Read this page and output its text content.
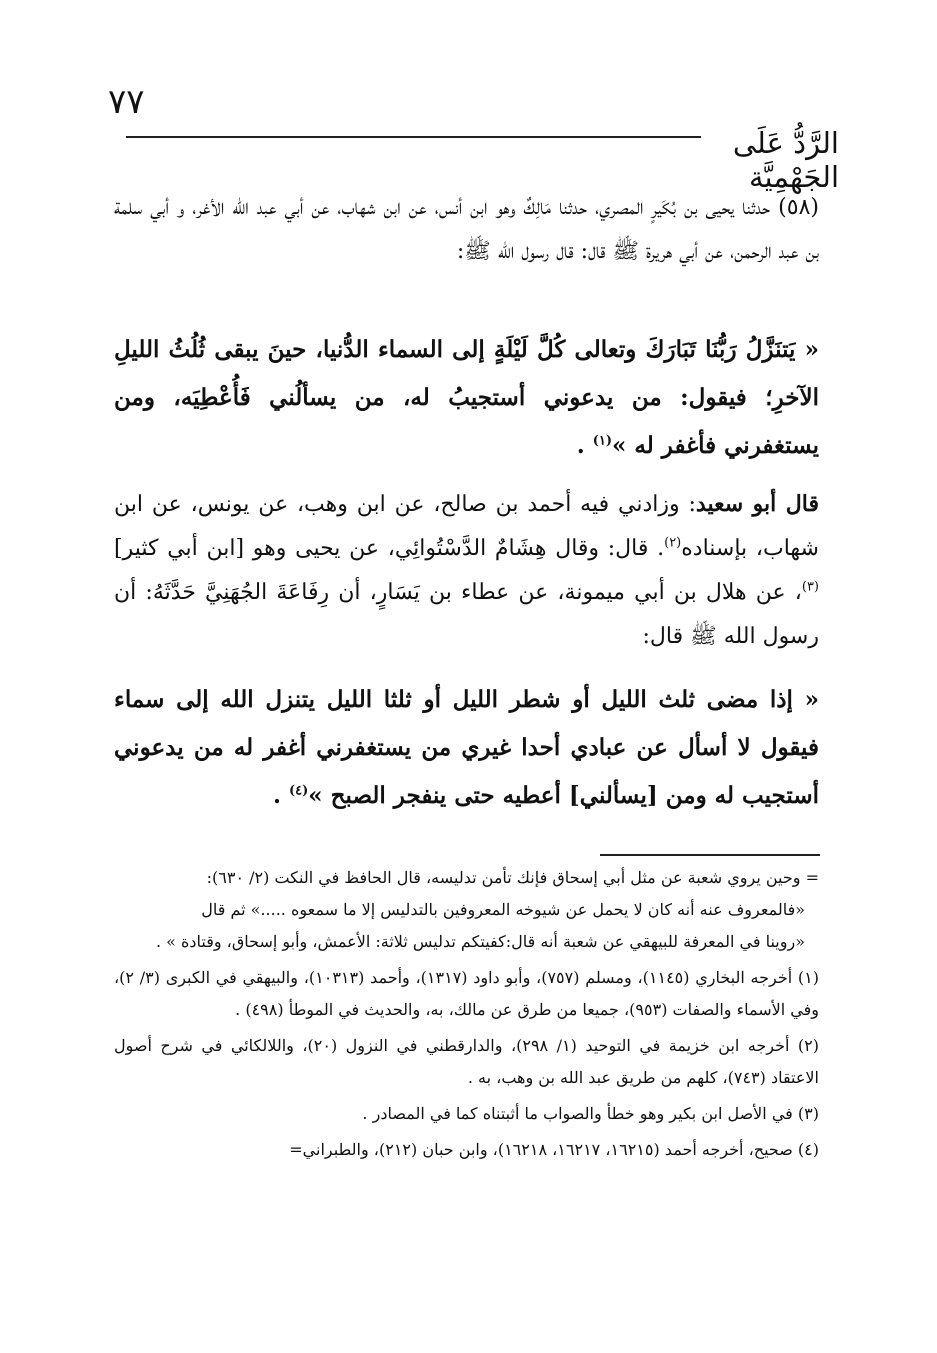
٧٧
الرَّدُّ عَلَى الجَهْمِيَّة
(٥٨) حدثنا يحيى بن بُكَيرٍ المصري، حدثنا مَالِكٌ وهو ابن أنس، عن ابن شهاب، عن أبي عبد الله الأغر، و أبي سلمة بن عبد الرحمن، عن أبي هريرة ﷺ قال: قال رسول الله ﷺ:
« يَتنَزَّلُ رَبُّنَا تَبَارَكَ وتعالى كُلَّ لَيْلَةٍ إلى السماء الدُّنيا، حينَ يبقى ثُلُثُ الليلِ الآخرِ؛ فيقول: من يدعوني أستجيبُ له، من يسألُني فَأُعْطِيَه، ومن يستغفرني فأغفر له »$^{(١)}$ .
قال أبو سعيد: وزادني فيه أحمد بن صالح، عن ابن وهب، عن يونس، عن ابن شهاب، بإسناده$^{(٢)}$. قال: وقال هِشَامٌ الدَّسْتُوائِي، عن يحيى وهو [ابن أبي كثير]$^{(٣)}$، عن هلال بن أبي ميمونة، عن عطاء بن يَسَارٍ، أن رِفَاعَةَ الجُهَنِيَّ حَدَّثَهُ: أن رسول الله ﷺ قال:
« إذا مضى ثلث الليل أو شطر الليل أو ثلثا الليل يتنزل الله إلى سماء فيقول لا أسأل عن عبادي أحدا غيري من يستغفرني أغفر له من يدعوني أستجيب له ومن [يسألني] أعطيه حتى ينفجر الصبح »$^{(٤)}$ .
= وحين يروي شعبة عن مثل أبي إسحاق فإنك تأمن تدليسه، قال الحافظ في النكت (٢/ ٦٣٠):
«فالمعروف عنه أنه كان لا يحمل عن شيوخه المعروفين بالتدليس إلا ما سمعوه .....» ثم قال
«روينا في المعرفة للبيهقي عن شعبة أنه قال:كفيتكم تدليس ثلاثة: الأعمش، وأبو إسحاق، وقتادة » .
(١) أخرجه البخاري (١١٤٥)، ومسلم (٧٥٧)، وأبو داود (١٣١٧)، وأحمد (١٠٣١٣)، والبيهقي في الكبرى (٣/ ٢)، وفي الأسماء والصفات (٩٥٣)، جميعا من طرق عن مالك، به، والحديث في الموطأ (٤٩٨) .
(٢) أخرجه ابن خزيمة في التوحيد (١/ ٢٩٨)، والدارقطني في النزول (٢٠)، واللالكائي في شرح أصول الاعتقاد (٧٤٣)، كلهم من طريق عبد الله بن وهب، به .
(٣) في الأصل ابن بكير وهو خطأ والصواب ما أثبتناه كما في المصادر .
(٤) صحيح، أخرجه أحمد (١٦٢١٥، ١٦٢١٧، ١٦٢١٨)، وابن حبان (٢١٢)، والطبراني=
